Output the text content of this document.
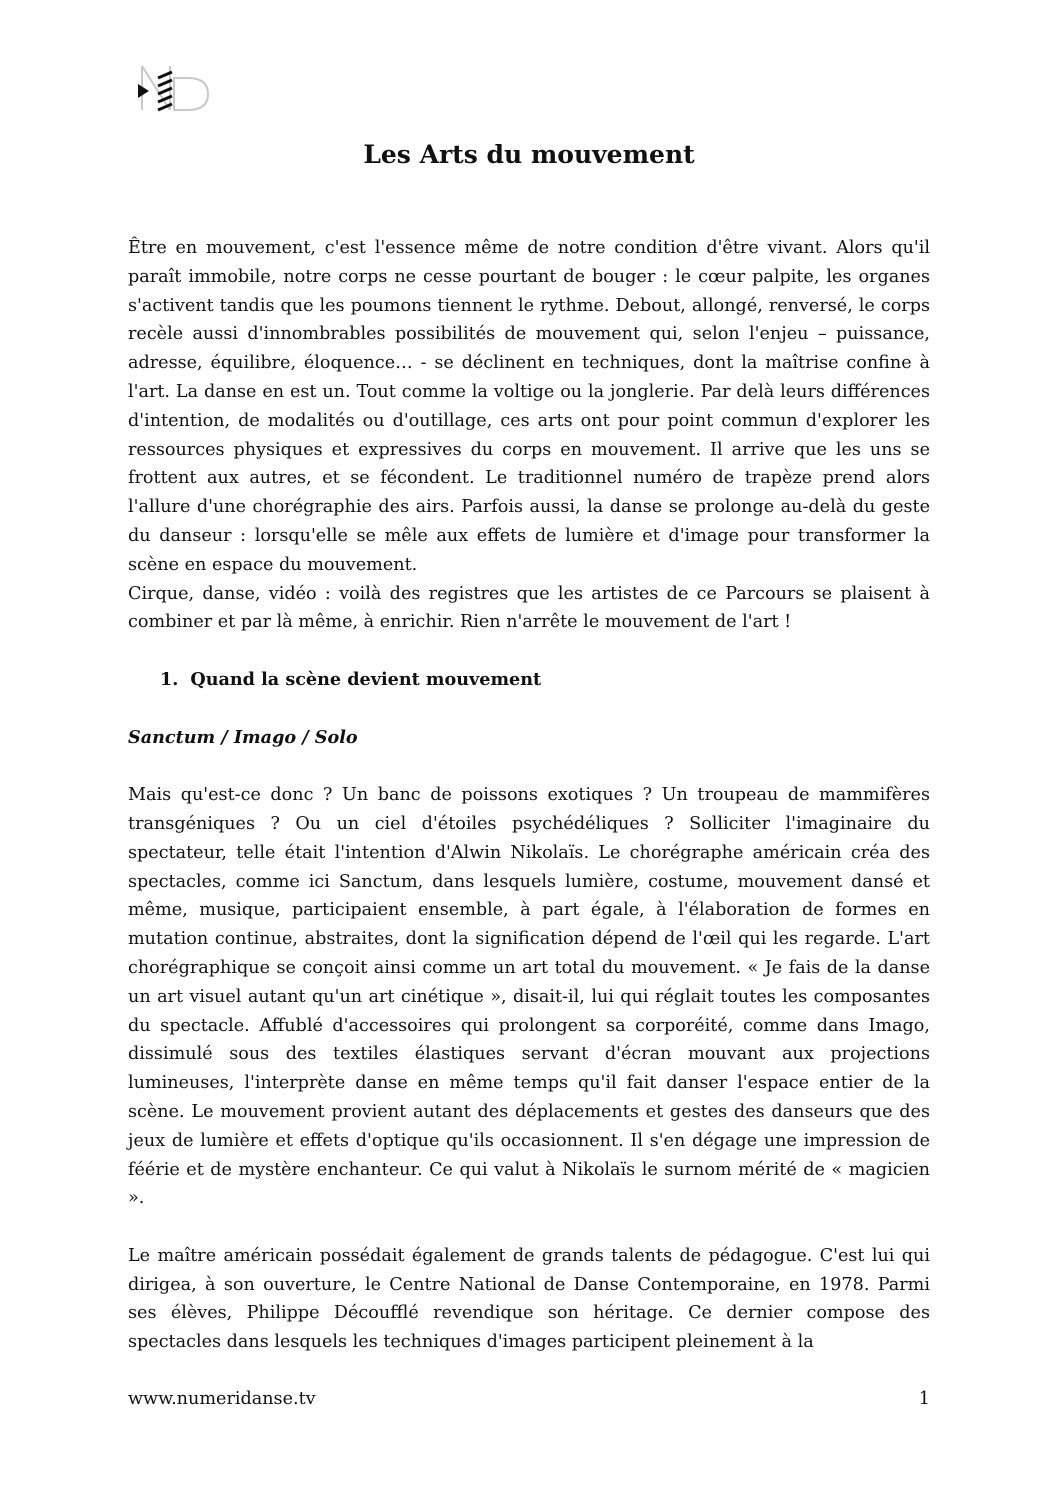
Les Arts du mouvement

Être en mouvement, c'est l'essence même de notre condition d'être vivant. Alors qu'il paraît immobile, notre corps ne cesse pourtant de bouger : le cœur palpite, les organes s'activent tandis que les poumons tiennent le rythme. Debout, allongé, renversé, le corps recèle aussi d'innombrables possibilités de mouvement qui, selon l'enjeu – puissance, adresse, équilibre, éloquence… - se déclinent en techniques, dont la maîtrise confine à l'art. La danse en est un. Tout comme la voltige ou la jonglerie. Par delà leurs différences d'intention, de modalités ou d'outillage, ces arts ont pour point commun d'explorer les ressources physiques et expressives du corps en mouvement. Il arrive que les uns se frottent aux autres, et se fécondent. Le traditionnel numéro de trapèze prend alors l'allure d'une chorégraphie des airs. Parfois aussi, la danse se prolonge au-delà du geste du danseur : lorsqu'elle se mêle aux effets de lumière et d'image pour transformer la scène en espace du mouvement.

Cirque, danse, vidéo : voilà des registres que les artistes de ce Parcours se plaisent à combiner et par là même, à enrichir. Rien n'arrête le mouvement de l'art !

1. Quand la scène devient mouvement

Sanctum / Imago / Solo

Mais qu'est-ce donc ? Un banc de poissons exotiques ? Un troupeau de mammifères transgéniques ? Ou un ciel d'étoiles psychédéliques ? Solliciter l'imaginaire du spectateur, telle était l'intention d'Alwin Nikolaïs. Le chorégraphe américain créa des spectacles, comme ici Sanctum, dans lesquels lumière, costume, mouvement dansé et même, musique, participaient ensemble, à part égale, à l'élaboration de formes en mutation continue, abstraites, dont la signification dépend de l'œil qui les regarde. L'art chorégraphique se conçoit ainsi comme un art total du mouvement. « Je fais de la danse un art visuel autant qu'un art cinétique », disait-il, lui qui réglait toutes les composantes du spectacle. Affublé d'accessoires qui prolongent sa corporéité, comme dans Imago, dissimulé sous des textiles élastiques servant d'écran mouvant aux projections lumineuses, l'interprète danse en même temps qu'il fait danser l'espace entier de la scène. Le mouvement provient autant des déplacements et gestes des danseurs que des jeux de lumière et effets d'optique qu'ils occasionnent. Il s'en dégage une impression de féérie et de mystère enchanteur. Ce qui valut à Nikolaïs le surnom mérité de « magicien ».

Le maître américain possédait également de grands talents de pédagogue. C'est lui qui dirigea, à son ouverture, le Centre National de Danse Contemporaine, en 1978. Parmi ses élèves, Philippe Découfflé revendique son héritage. Ce dernier compose des spectacles dans lesquels les techniques d'images participent pleinement à la

www.numeridanse.tv	1
